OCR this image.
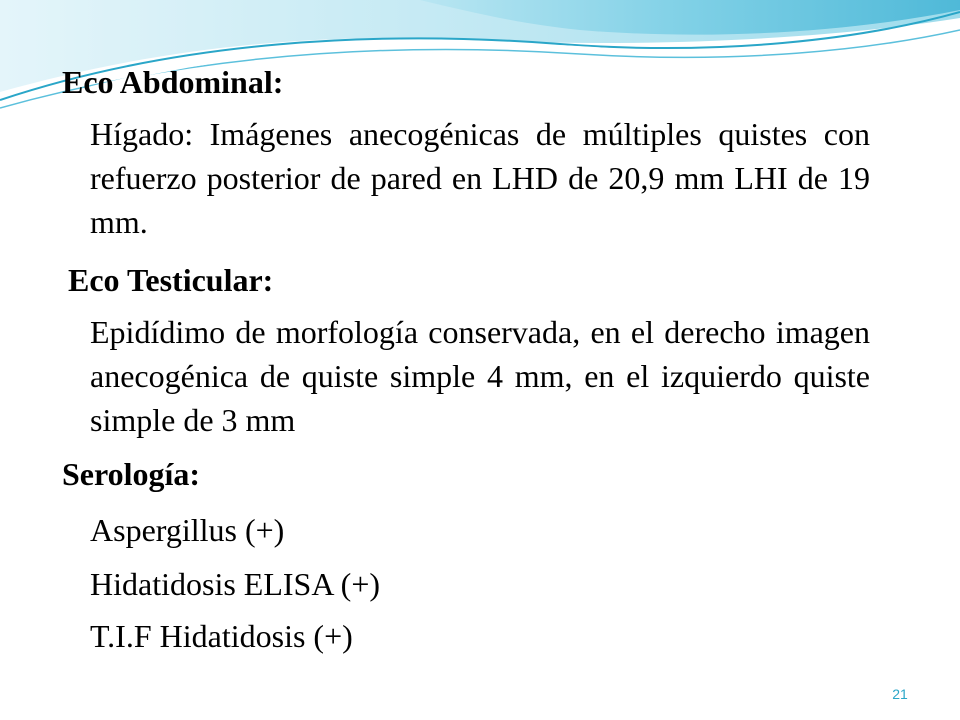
Eco Abdominal:

Hígado: Imágenes anecogénicas de múltiples quistes con refuerzo posterior de pared en LHD de 20,9 mm LHI de 19 mm.

Eco Testicular:

Epidídimo de morfología conservada, en el derecho imagen anecogénica de quiste simple 4 mm, en el izquierdo quiste simple de 3 mm

Serología:

Aspergillus (+)

Hidatidosis ELISA (+)

T.I.F Hidatidosis (+)

21
